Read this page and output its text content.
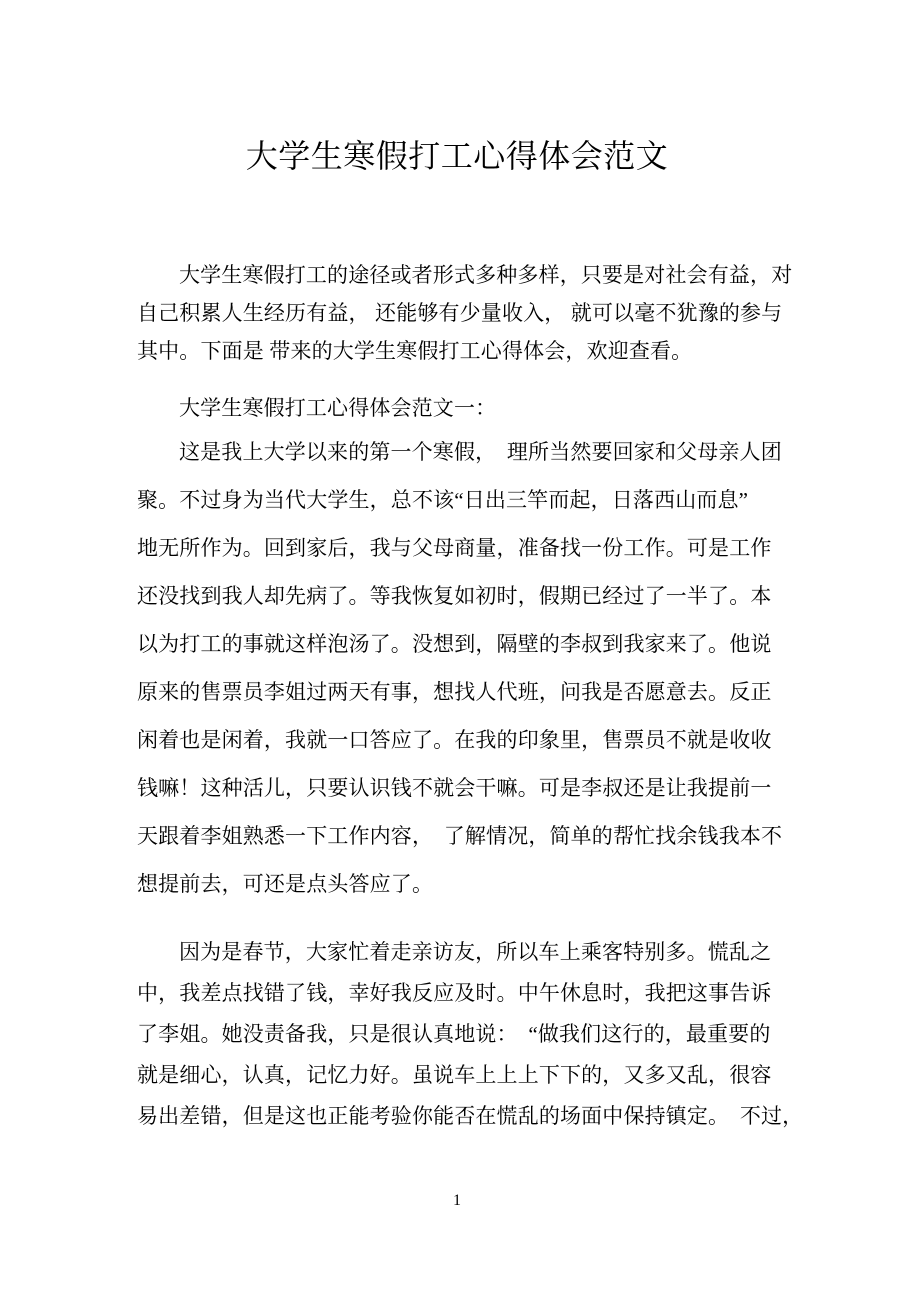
大学生寒假打工心得体会范文
大学生寒假打工的途径或者形式多种多样，只要是对社会有益，对
自己积累人生经历有益， 还能够有少量收入， 就可以毫不犹豫的参与
其中。下面是 带来的大学生寒假打工心得体会，欢迎查看。
大学生寒假打工心得体会范文一：
这是我上大学以来的第一个寒假，　理所当然要回家和父母亲人团
聚。不过身为当代大学生，总不该“日出三竿而起，日落西山而息”
地无所作为。回到家后，我与父母商量，准备找一份工作。可是工作
还没找到我人却先病了。等我恢复如初时，假期已经过了一半了。本
以为打工的事就这样泡汤了。没想到，隔壁的李叔到我家来了。他说
原来的售票员李姐过两天有事，想找人代班，问我是否愿意去。反正
闲着也是闲着，我就一口答应了。在我的印象里，售票员不就是收收
钱嘛！这种活儿，只要认识钱不就会干嘛。可是李叔还是让我提前一
天跟着李姐熟悉一下工作内容，　了解情况，简单的帮忙找余钱我本不
想提前去，可还是点头答应了。
因为是春节，大家忙着走亲访友，所以车上乘客特别多。慌乱之
中，我差点找错了钱，幸好我反应及时。中午休息时，我把这事告诉
了李姐。她没责备我，只是很认真地说：　“做我们这行的，最重要的
就是细心，认真，记忆力好。虽说车上上上下下的，又多又乱，很容
易出差错，但是这也正能考验你能否在慌乱的场面中保持镇定。　不过，
1
